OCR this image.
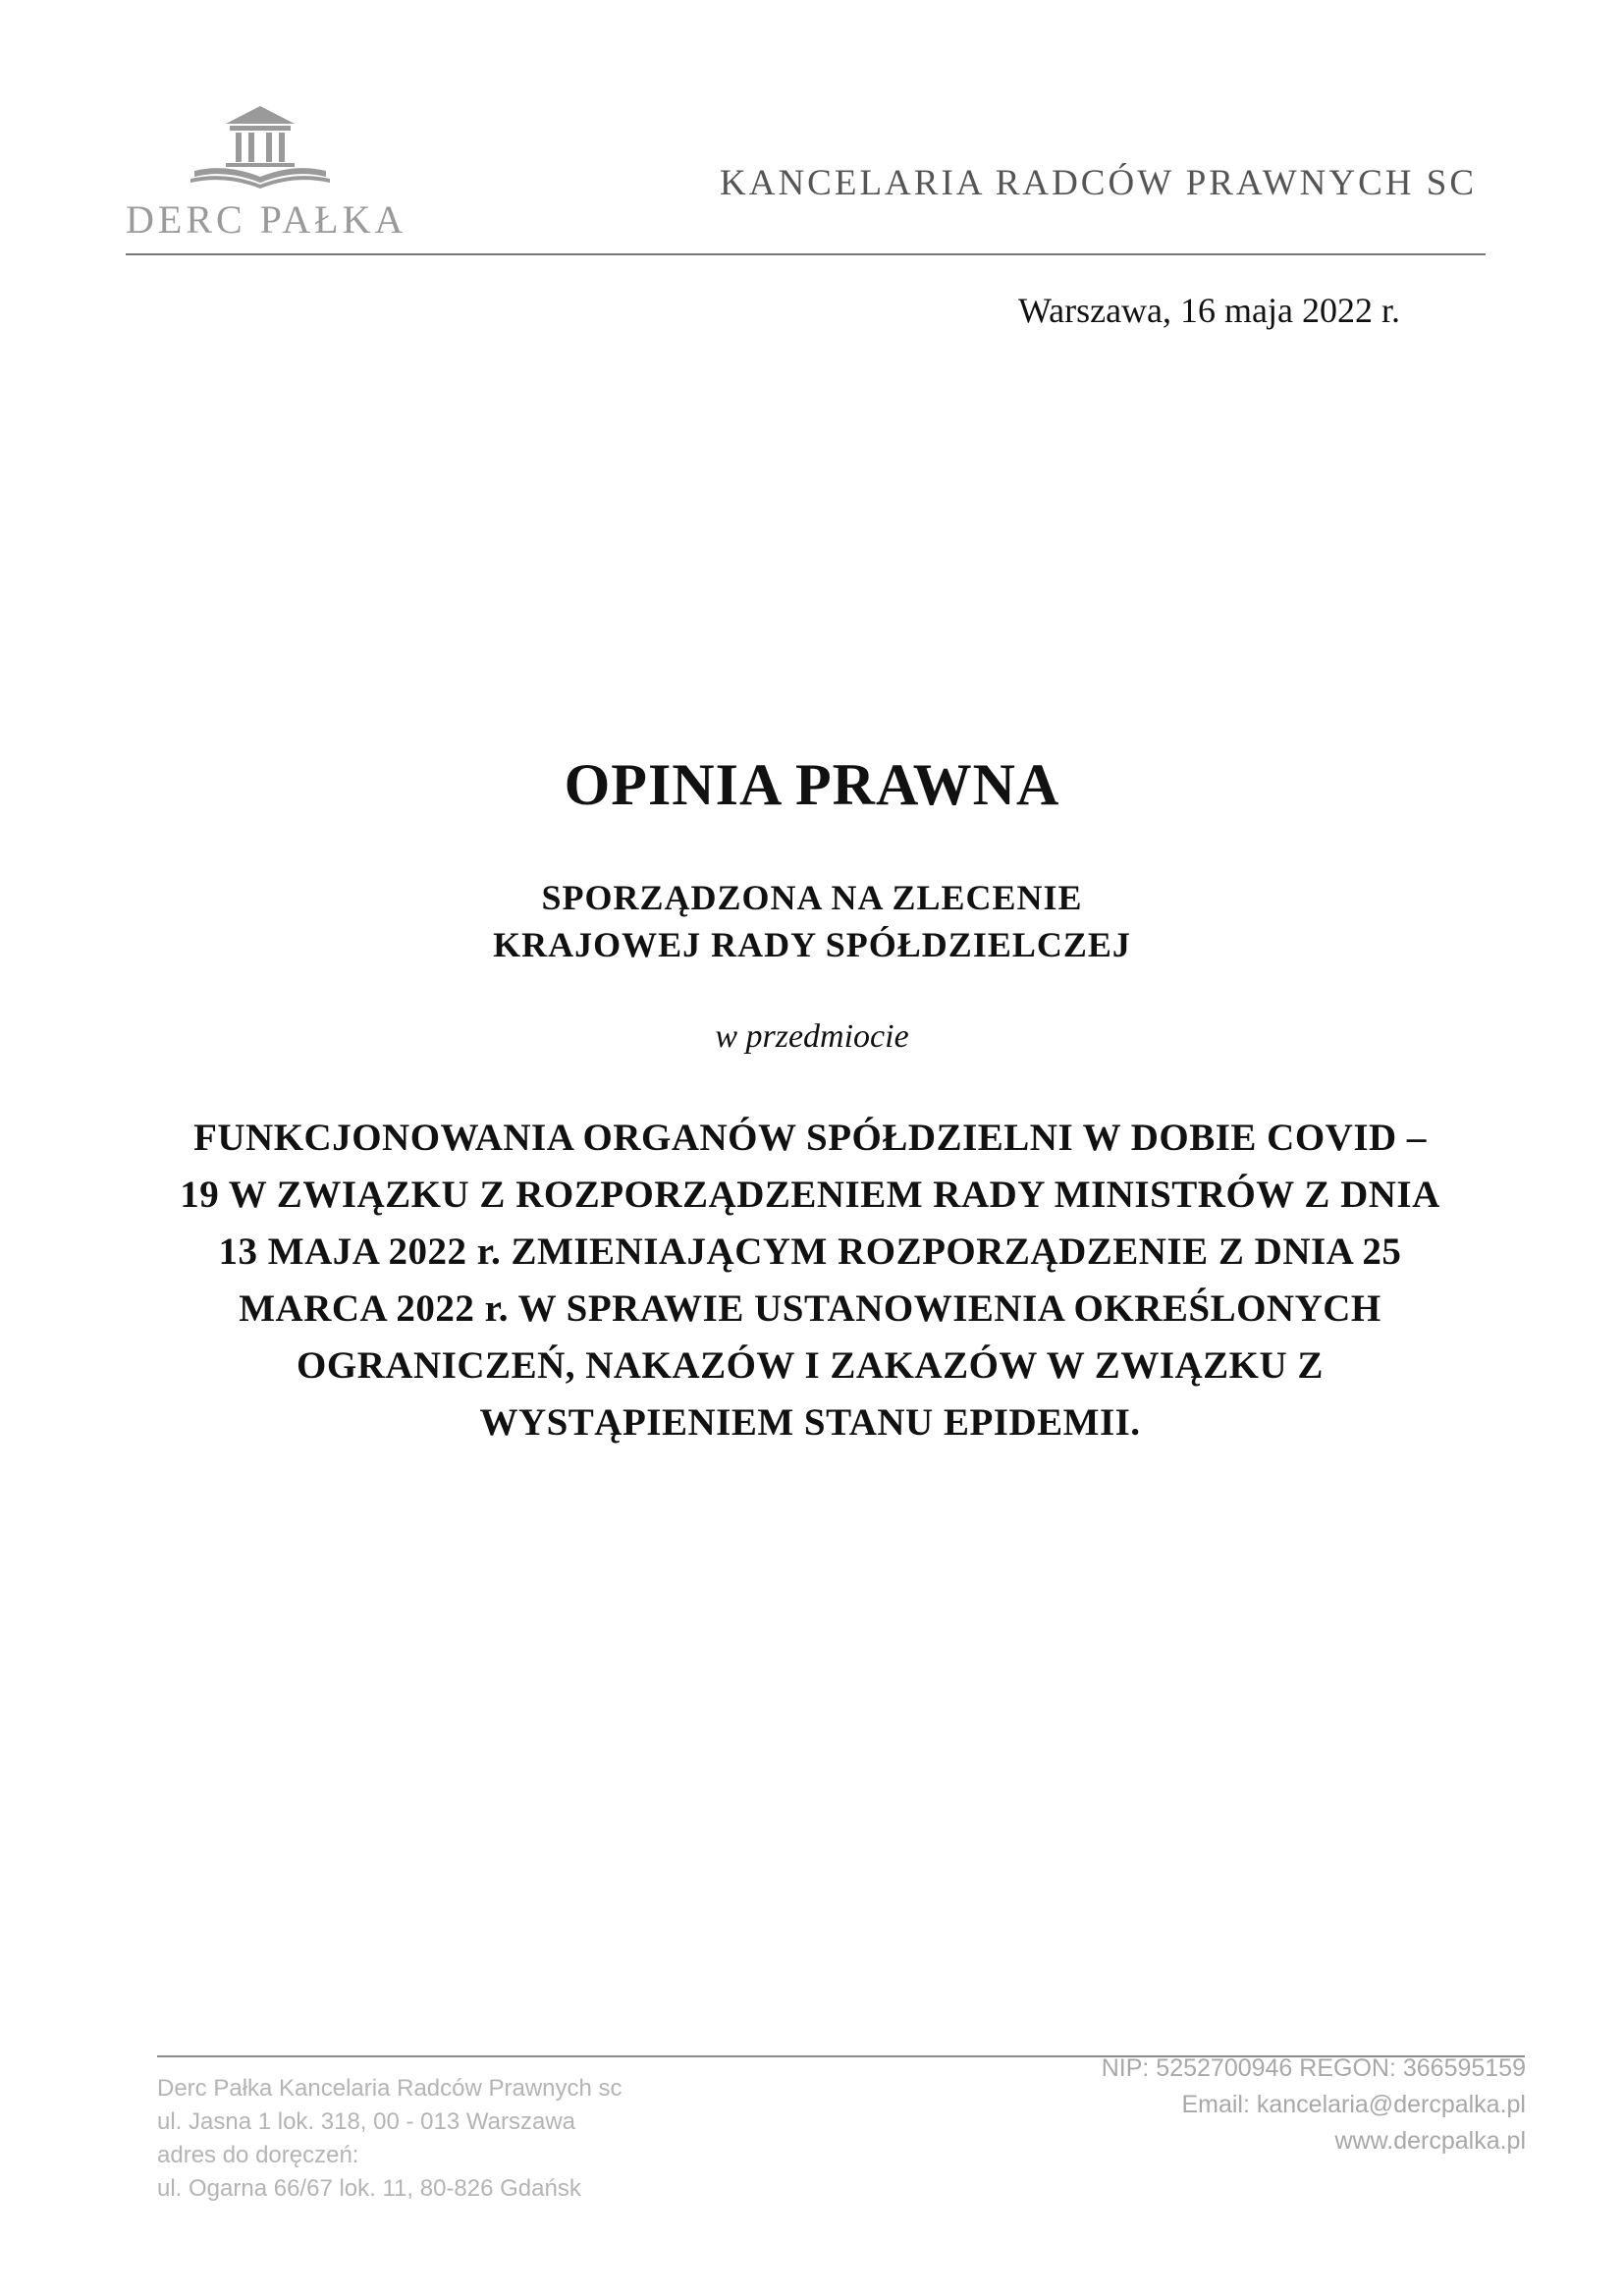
DERC PAŁKA
KANCELARIA RADCÓW PRAWNYCH SC
Warszawa, 16 maja 2022 r.
OPINIA PRAWNA
SPORZĄDZONA NA ZLECENIE
KRAJOWEJ RADY SPÓŁDZIELCZEJ
w przedmiocie
FUNKCJONOWANIA ORGANÓW SPÓŁDZIELNI W DOBIE COVID – 19 W ZWIĄZKU Z ROZPORZĄDZENIEM RADY MINISTRÓW Z DNIA 13 MAJA 2022 r. ZMIENIAJĄCYM ROZPORZĄDZENIE Z DNIA 25 MARCA 2022 r. W SPRAWIE USTANOWIENIA OKREŚLONYCH OGRANICZEŃ, NAKAZÓW I ZAKAZÓW W ZWIĄZKU Z WYSTĄPIENIEM STANU EPIDEMII.
Derc Pałka Kancelaria Radców Prawnych sc
ul. Jasna 1 lok. 318, 00 - 013 Warszawa
adres do doręczeń:
ul. Ogarna 66/67 lok. 11, 80-826 Gdańsk
NIP: 5252700946 REGON: 366595159
Email: kancelaria@dercpalka.pl
www.dercpalka.pl
